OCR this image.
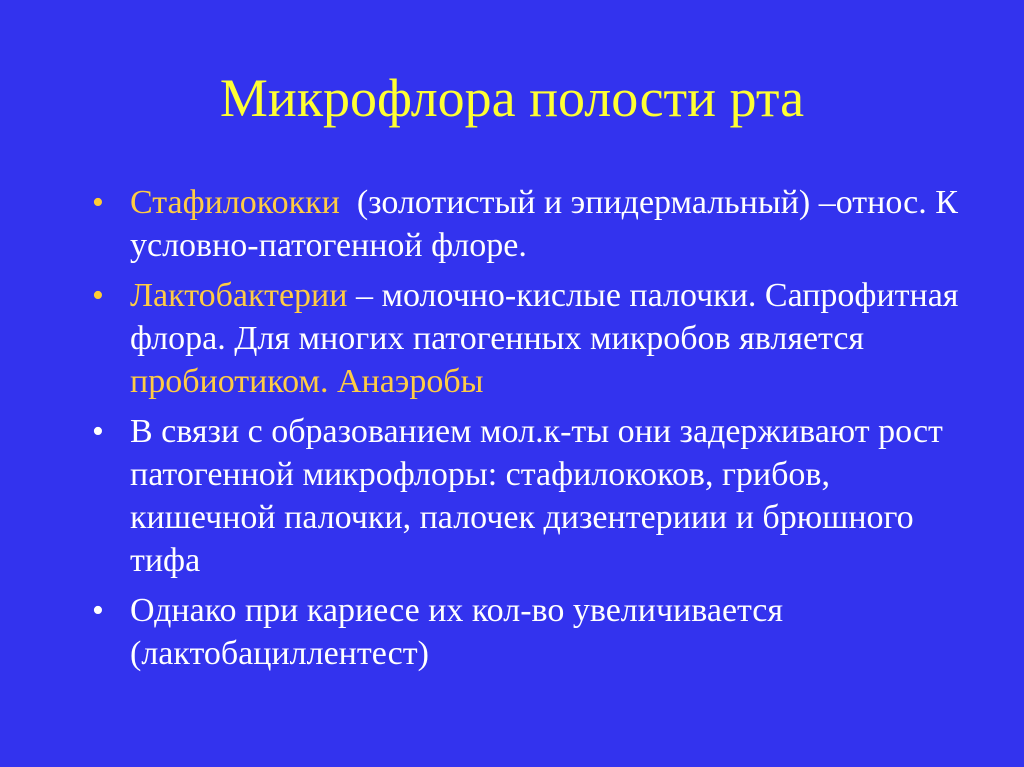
Микрофлора полости рта
• Стафилококки  (золотистый и эпидермальный) –относ. К условно-патогенной флоре.
• Лактобактерии – молочно-кислые палочки. Сапрофитная флора. Для многих патогенных микробов является пробиотиком. Анаэробы
• В связи с образованием мол.к-ты они задерживают рост патогенной микрофлоры: стафилококов, грибов, кишечной палочки, палочек дизентериии и брюшного тифа
• Однако при кариесе их кол-во увеличивается (лактобациллентест)
